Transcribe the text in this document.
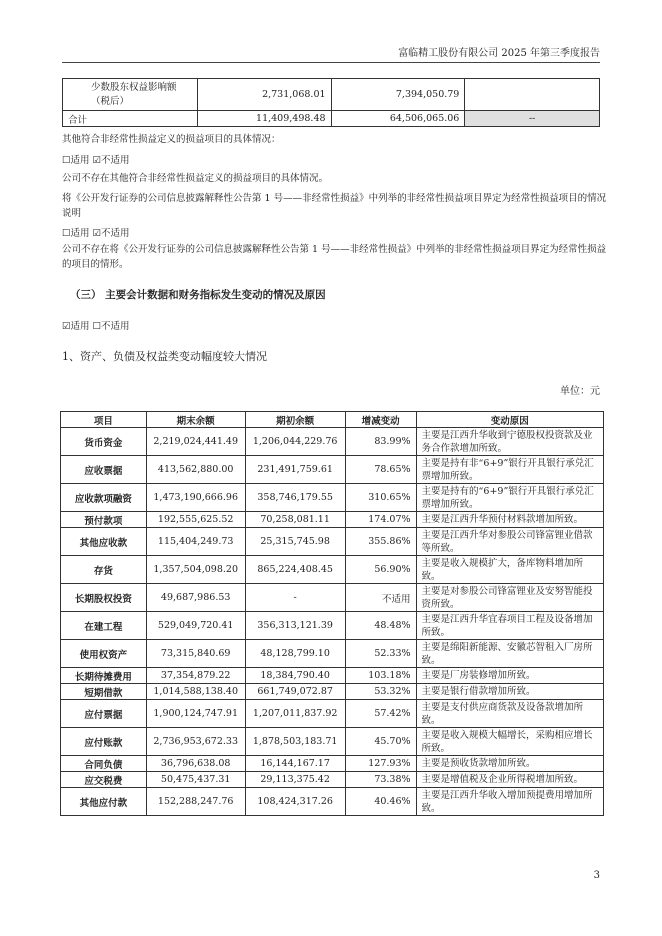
富临精工股份有限公司 2025 年第三季度报告
少数股东权益影响额（税后）	2,731,068.01	7,394,050.79	
合计	11,409,498.48	64,506,065.06	--
其他符合非经常性损益定义的损益项目的具体情况：
☐适用 ☑不适用
公司不存在其他符合非经常性损益定义的损益项目的具体情况。
将《公开发行证券的公司信息披露解释性公告第 1 号——非经常性损益》中列举的非经常性损益项目界定为经常性损益项目的情况说明
☐适用 ☑不适用
公司不存在将《公开发行证券的公司信息披露解释性公告第 1 号——非经常性损益》中列举的非经常性损益项目界定为经常性损益的项目的情形。
（三） 主要会计数据和财务指标发生变动的情况及原因
☑适用 ☐不适用
1、资产、负债及权益类变动幅度较大情况
单位：元
项目	期末余额	期初余额	增减变动	变动原因
货币资金	2,219,024,441.49	1,206,044,229.76	83.99%	主要是江西升华收到宁德股权投资款及业务合作款增加所致。
应收票据	413,562,880.00	231,491,759.61	78.65%	主要是持有非“6+9”银行开具银行承兑汇票增加所致。
应收款项融资	1,473,190,666.96	358,746,179.55	310.65%	主要是持有的“6+9”银行开具银行承兑汇票增加所致。
预付款项	192,555,625.52	70,258,081.11	174.07%	主要是江西升华预付材料款增加所致。
其他应收款	115,404,249.73	25,315,745.98	355.86%	主要是江西升华对参股公司锋富锂业借款等所致。
存货	1,357,504,098.20	865,224,408.45	56.90%	主要是收入规模扩大，备库物料增加所致。
长期股权投资	49,687,986.53	-	不适用	主要是对参股公司锋富锂业及安努智能投资所致。
在建工程	529,049,720.41	356,313,121.39	48.48%	主要是江西升华宜春项目工程及设备增加所致。
使用权资产	73,315,840.69	48,128,799.10	52.33%	主要是绵阳新能源、安徽芯智租入厂房所致。
长期待摊费用	37,354,879.22	18,384,790.40	103.18%	主要是厂房装修增加所致。
短期借款	1,014,588,138.40	661,749,072.87	53.32%	主要是银行借款增加所致。
应付票据	1,900,124,747.91	1,207,011,837.92	57.42%	主要是支付供应商货款及设备款增加所致。
应付账款	2,736,953,672.33	1,878,503,183.71	45.70%	主要是收入规模大幅增长，采购相应增长所致。
合同负债	36,796,638.08	16,144,167.17	127.93%	主要是预收货款增加所致。
应交税费	50,475,437.31	29,113,375.42	73.38%	主要是增值税及企业所得税增加所致。
其他应付款	152,288,247.76	108,424,317.26	40.46%	主要是江西升华收入增加预提费用增加所致。
3
